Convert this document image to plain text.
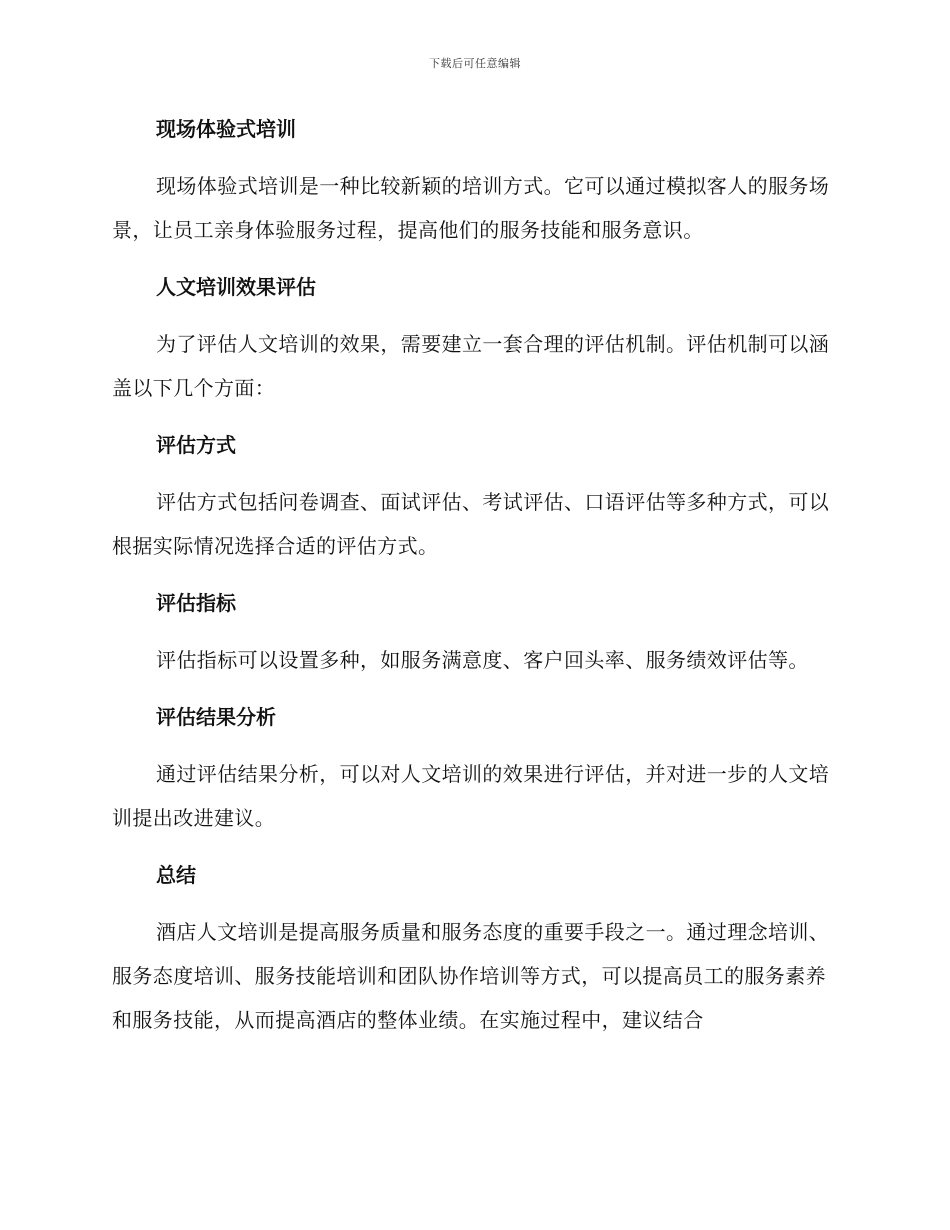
下载后可任意编辑
现场体验式培训

现场体验式培训是一种比较新颖的培训方式。它可以通过模拟客人的服务场景，让员工亲身体验服务过程，提高他们的服务技能和服务意识。

人文培训效果评估

为了评估人文培训的效果，需要建立一套合理的评估机制。评估机制可以涵盖以下几个方面：

评估方式

评估方式包括问卷调查、面试评估、考试评估、口语评估等多种方式，可以根据实际情况选择合适的评估方式。

评估指标

评估指标可以设置多种，如服务满意度、客户回头率、服务绩效评估等。

评估结果分析

通过评估结果分析，可以对人文培训的效果进行评估，并对进一步的人文培训提出改进建议。

总结

酒店人文培训是提高服务质量和服务态度的重要手段之一。通过理念培训、服务态度培训、服务技能培训和团队协作培训等方式，可以提高员工的服务素养和服务技能，从而提高酒店的整体业绩。在实施过程中，建议结合
